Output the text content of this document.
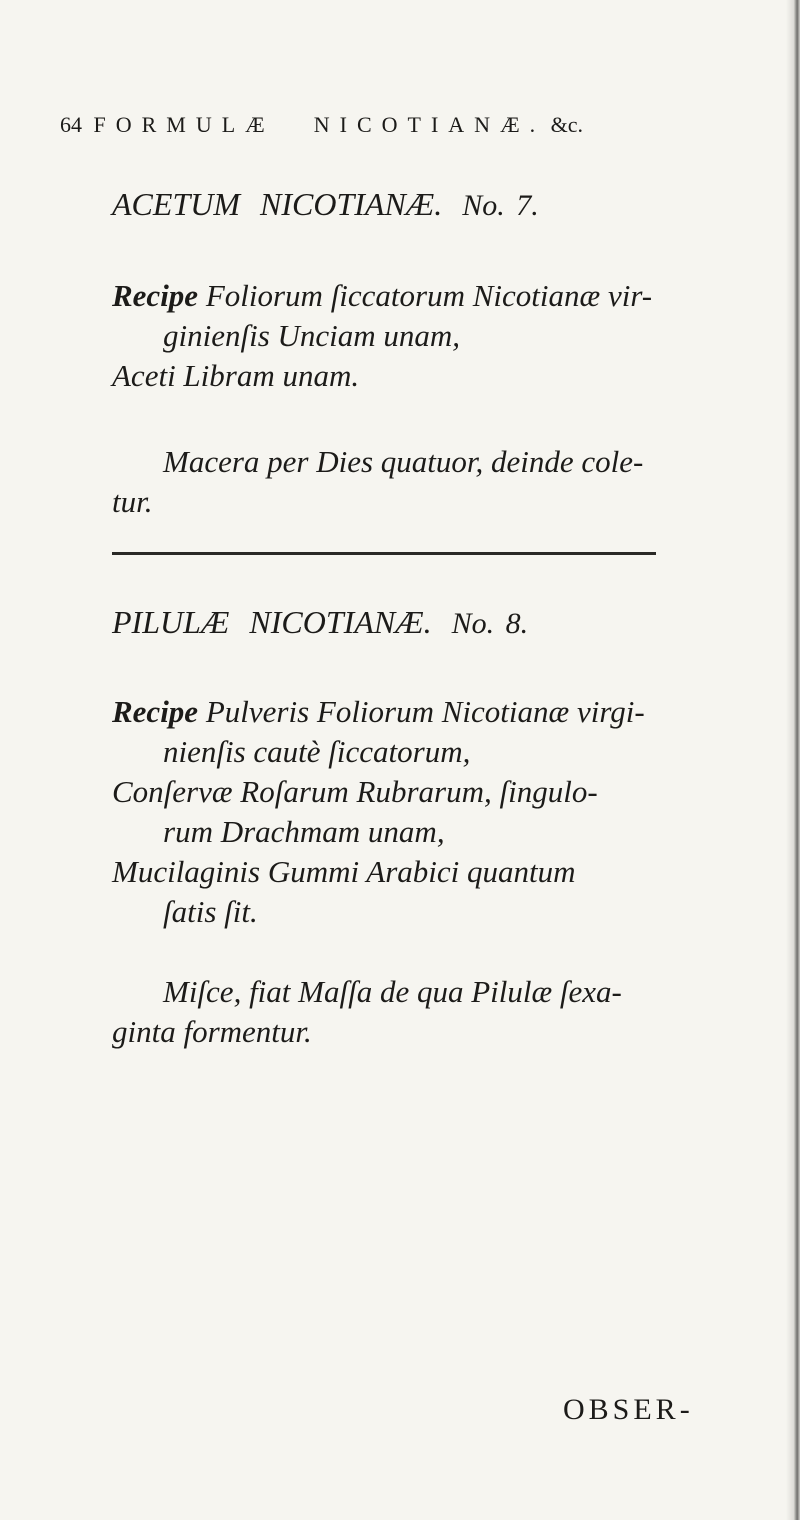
64 FORMULÆ NICOTIANÆ. &c.
ACETUM NICOTIANÆ. No. 7.
Recipe Foliorum ſiccatorum Nicotianæ vir-
ginienſis Unciam unam,
Aceti Libram unam.
Macera per Dies quatuor, deinde cole-
tur.
PILULÆ NICOTIANÆ. No. 8.
Recipe Pulveris Foliorum Nicotianæ virgi-
nienſis cautè ſiccatorum,
Conſervæ Roſarum Rubrarum, ſingulo-
rum Drachmam unam,
Mucilaginis Gummi Arabici quantum
ſatis ſit.
Miſce, fiat Maſſa de qua Pilulæ ſexa-
ginta formentur.
OBSER-
